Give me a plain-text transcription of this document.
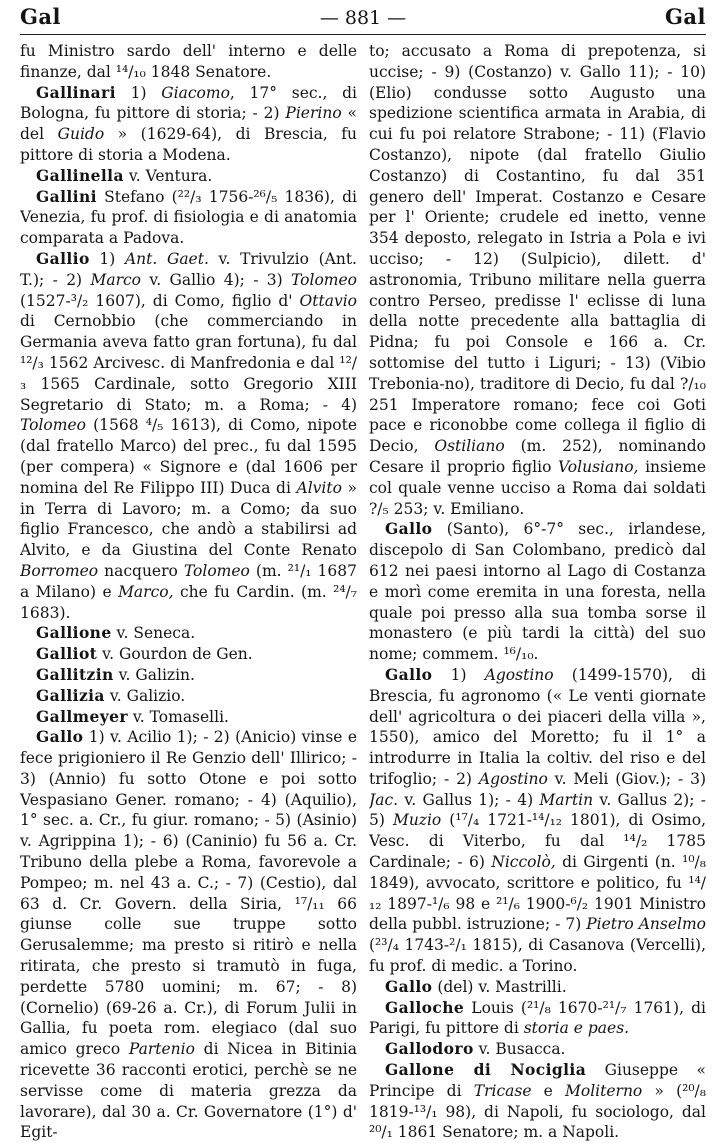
Gal	— 881 —	Gal

fu Ministro sardo dell' interno e delle finanze, dal ¹⁴/₁₀ 1848 Senatore.

Gallinari 1) Giacomo, 17° sec., di Bologna, fu pittore di storia; - 2) Pierino « del Guido » (1629-64), di Brescia, fu pittore di storia a Modena.

Gallinella v. Ventura.

Gallini Stefano (²²/₃ 1756-²⁶/₅ 1836), di Venezia, fu prof. di fisiologia e di anatomia comparata a Padova.

Gallio 1) Ant. Gaet. v. Trivulzio (Ant. T.); - 2) Marco v. Gallio 4); - 3) Tolomeo (1527-³/₂ 1607), di Como, figlio d' Ottavio di Cernobbio (che commerciando in Germania aveva fatto gran fortuna), fu dal ¹²/₃ 1562 Arcivesc. di Manfredonia e dal ¹²/₃ 1565 Cardinale, sotto Gregorio XIII Segretario di Stato; m. a Roma; - 4) Tolomeo (1568 ⁴/₅ 1613), di Como, nipote (dal fratello Marco) del prec., fu dal 1595 (per compera) « Signore e (dal 1606 per nomina del Re Filippo III) Duca di Alvito » in Terra di Lavoro; m. a Como; da suo figlio Francesco, che andò a stabilirsi ad Alvito, e da Giustina del Conte Renato Borromeo nacquero Tolomeo (m. ²¹/₁ 1687 a Milano) e Marco, che fu Cardin. (m. ²⁴/₇ 1683).

Gallione v. Seneca.

Galliot v. Gourdon de Gen.

Gallitzin v. Galizin.

Gallizia v. Galizio.

Gallmeyer v. Tomaselli.

Gallo 1) v. Acilio 1); - 2) (Anicio) vinse e fece prigioniero il Re Genzio dell' Illirico; - 3) (Annio) fu sotto Otone e poi sotto Vespasiano Gener. romano; - 4) (Aquilio), 1° sec. a. Cr., fu giur. romano; - 5) (Asinio) v. Agrippina 1); - 6) (Caninio) fu 56 a. Cr. Tribuno della plebe a Roma, favorevole a Pompeo; m. nel 43 a. C.; - 7) (Cestio), dal 63 d. Cr. Govern. della Siria, ¹⁷/₁₁ 66 giunse colle sue truppe sotto Gerusalemme; ma presto si ritirò e nella ritirata, che presto si tramutò in fuga, perdette 5780 uomini; m. 67; - 8) (Cornelio) (69-26 a. Cr.), di Forum Julii in Gallia, fu poeta rom. elegiaco (dal suo amico greco Partenio di Nicea in Bitinia ricevette 36 racconti erotici, perchè se ne servisse come di materia grezza da lavorare), dal 30 a. Cr. Governatore (1°) d' Egit-

to; accusato a Roma di prepotenza, si uccise; - 9) (Costanzo) v. Gallo 11); - 10) (Elio) condusse sotto Augusto una spedizione scientifica armata in Arabia, di cui fu poi relatore Strabone; - 11) (Flavio Costanzo), nipote (dal fratello Giulio Costanzo) di Costantino, fu dal 351 genero dell' Imperat. Costanzo e Cesare per l' Oriente; crudele ed inetto, venne 354 deposto, relegato in Istria a Pola e ivi ucciso; - 12) (Sulpicio), dilett. d' astronomia, Tribuno militare nella guerra contro Perseo, predisse l' eclisse di luna della notte precedente alla battaglia di Pidna; fu poi Console e 166 a. Cr. sottomise del tutto i Liguri; - 13) (Vibio Trebonia-no), traditore di Decio, fu dal ?/₁₀ 251 Imperatore romano; fece coi Goti pace e riconobbe come collega il figlio di Decio, Ostiliano (m. 252), nominando Cesare il proprio figlio Volusiano, insieme col quale venne ucciso a Roma dai soldati ?/₅ 253; v. Emiliano.

Gallo (Santo), 6°-7° sec., irlandese, discepolo di San Colombano, predicò dal 612 nei paesi intorno al Lago di Costanza e morì come eremita in una foresta, nella quale poi presso alla sua tomba sorse il monastero (e più tardi la città) del suo nome; commem. ¹⁶/₁₀.

Gallo 1) Agostino (1499-1570), di Brescia, fu agronomo (« Le venti giornate dell' agricoltura o dei piaceri della villa », 1550), amico del Moretto; fu il 1° a introdurre in Italia la coltiv. del riso e del trifoglio; - 2) Agostino v. Meli (Giov.); - 3) Jac. v. Gallus 1); - 4) Martin v. Gallus 2); - 5) Muzio (¹⁷/₄ 1721-¹⁴/₁₂ 1801), di Osimo, Vesc. di Viterbo, fu dal ¹⁴/₂ 1785 Cardinale; - 6) Niccolò, di Girgenti (n. ¹⁰/₈ 1849), avvocato, scrittore e politico, fu ¹⁴/₁₂ 1897-¹/₆ 98 e ²¹/₆ 1900-⁶/₂ 1901 Ministro della pubbl. istruzione; - 7) Pietro Anselmo (²³/₄ 1743-²/₁ 1815), di Casanova (Vercelli), fu prof. di medic. a Torino.

Gallo (del) v. Mastrilli.

Galloche Louis (²¹/₈ 1670-²¹/₇ 1761), di Parigi, fu pittore di storia e paes.

Gallodoro v. Busacca.

Gallone di Nociglia Giuseppe « Principe di Tricase e Moliterno » (²⁰/₈ 1819-¹³/₁ 98), di Napoli, fu sociologo, dal ²⁰/₁ 1861 Senatore; m. a Napoli.
